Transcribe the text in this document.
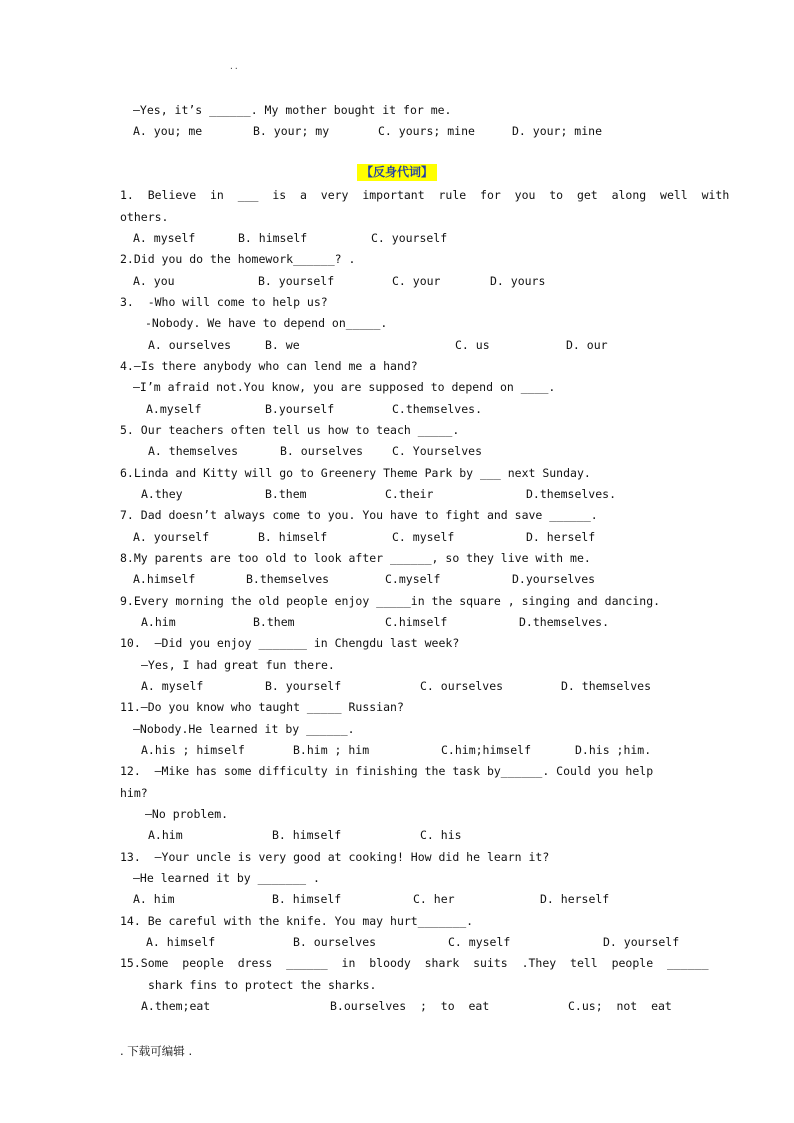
..
【反身代词】
—Yes, it’s ______. My mother bought it for me.
A. you; me	B. your; my	C. yours; mine	D. your; mine
1.  Believe  in  ___  is  a  very  important  rule  for  you  to  get  along  well  with
others.
A. myself	B. himself	C. yourself
2.Did you do the homework______? .
A. you	B. yourself	C. your	D. yours
3.  -Who will come to help us?
-Nobody. We have to depend on_____.
A. ourselves	B. we	C. us	D. our
4.—Is there anybody who can lend me a hand?
—I’m afraid not.You know, you are supposed to depend on ____.
A.myself	B.yourself	C.themselves.
5. Our teachers often tell us how to teach _____.
A. themselves	B. ourselves	C. Yourselves
6.Linda and Kitty will go to Greenery Theme Park by ___ next Sunday.
A.they	B.them	C.their	D.themselves.
7. Dad doesn’t always come to you. You have to fight and save ______.
A. yourself	B. himself	C. myself	D. herself
8.My parents are too old to look after ______, so they live with me.
A.himself	B.themselves	C.myself	D.yourselves
9.Every morning the old people enjoy _____in the square , singing and dancing.
A.him	B.them	C.himself	D.themselves.
10.  —Did you enjoy _______ in Chengdu last week?
—Yes, I had great fun there.
A. myself	B. yourself	C. ourselves	D. themselves
11.—Do you know who taught _____ Russian?
—Nobody.He learned it by ______.
A.his ; himself	B.him ; him	C.him;himself	D.his ;him.
12.  —Mike has some difficulty in finishing the task by______. Could you help
him?
—No problem.
A.him	B. himself	C. his
13.  —Your uncle is very good at cooking! How did he learn it?
—He learned it by _______ .
A. him	B. himself	C. her	D. herself
14. Be careful with the knife. You may hurt_______.
A. himself	B. ourselves	C. myself	D. yourself
15.Some  people  dress  ______  in  bloody  shark  suits  .They  tell  people  ______
shark fins to protect the sharks.
A.them;eat	B.ourselves  ;  to  eat	C.us;  not  eat
. 下载可编辑 .
